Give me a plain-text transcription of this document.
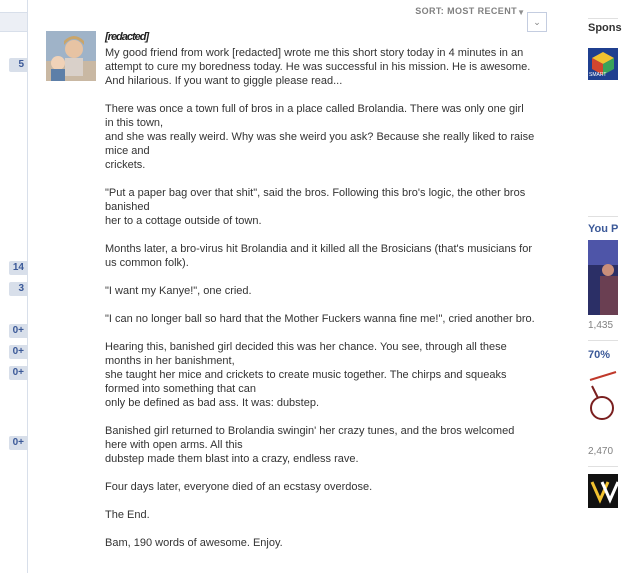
5
14
3
0+
0+
0+
0+
SORT: MOST RECENT ▼
⌄
[redacted]

My good friend from work [redacted] wrote me this short story today in 4 minutes in an attempt to cure my boredness today. He was successful in his mission. He is awesome. And hilarious. If you want to giggle please read...

There was once a town full of bros in a place called Brolandia. There was only one girl in this town,

and she was really weird. Why was she weird you ask? Because she really liked to raise mice and

crickets.

"Put a paper bag over that shit", said the bros. Following this bro's logic, the other bros banished

her to a cottage outside of town.

Months later, a bro-virus hit Brolandia and it killed all the Brosicians (that's musicians for us common folk).

"I want my Kanye!", one cried.

"I can no longer ball so hard that the Mother Fuckers wanna fine me!", cried another bro.

Hearing this, banished girl decided this was her chance. You see, through all these months in her banishment,

she taught her mice and crickets to create music together. The chirps and squeaks formed into something that can

only be defined as bad ass. It was: dubstep.

Banished girl returned to Brolandia swingin' her crazy tunes, and the bros welcomed here with open arms. All this

dubstep made them blast into a crazy, endless rave.

Four days later, everyone died of an ecstasy overdose.

The End.

Bam, 190 words of awesome. Enjoy.

Spons
SMART
You P
1,435
70%
2,470
